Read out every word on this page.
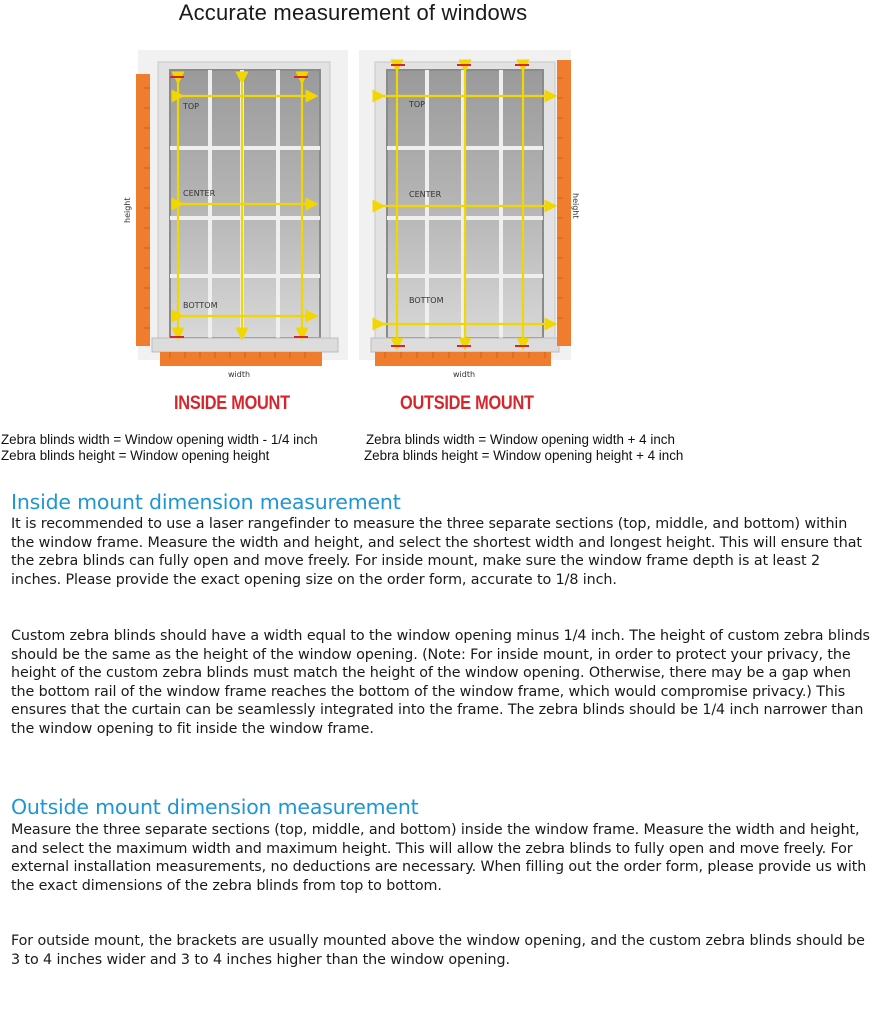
Accurate measurement of windows
TOP
CENTER
BOTTOM
height
width
TOP
CENTER
BOTTOM
height
width
INSIDE MOUNT	OUTSIDE MOUNT
Zebra blinds width = Window opening width - 1/4 inch
Zebra blinds height = Window opening height
Zebra blinds width = Window opening width + 4 inch
Zebra blinds height = Window opening height + 4 inch
Inside mount dimension measurement

It is recommended to use a laser rangefinder to measure the three separate sections (top, middle, and bottom) within the window frame. Measure the width and height, and select the shortest width and longest height. This will ensure that the zebra blinds can fully open and move freely. For inside mount, make sure the window frame depth is at least 2 inches. Please provide the exact opening size on the order form, accurate to 1/8 inch.

Custom zebra blinds should have a width equal to the window opening minus 1/4 inch. The height of custom zebra blinds should be the same as the height of the window opening. (Note: For inside mount, in order to protect your privacy, the height of the custom zebra blinds must match the height of the window opening. Otherwise, there may be a gap when the bottom rail of the window frame reaches the bottom of the window frame, which would compromise privacy.) This ensures that the curtain can be seamlessly integrated into the frame. The zebra blinds should be 1/4 inch narrower than the window opening to fit inside the window frame.

Outside mount dimension measurement

Measure the three separate sections (top, middle, and bottom) inside the window frame. Measure the width and height, and select the maximum width and maximum height. This will allow the zebra blinds to fully open and move freely. For external installation measurements, no deductions are necessary. When filling out the order form, please provide us with the exact dimensions of the zebra blinds from top to bottom.

For outside mount, the brackets are usually mounted above the window opening, and the custom zebra blinds should be 3 to 4 inches wider and 3 to 4 inches higher than the window opening.
